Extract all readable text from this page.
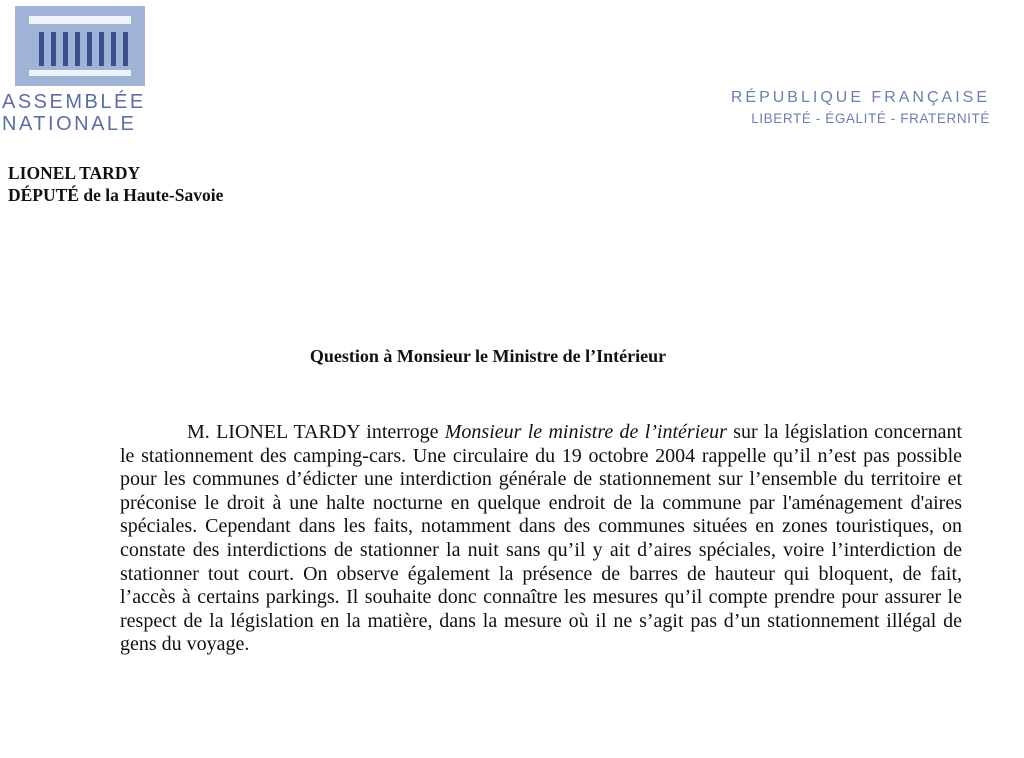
ASSEMBLÉE
NATIONALE
RÉPUBLIQUE FRANÇAISE
LIBERTÉ - ÉGALITÉ - FRATERNITÉ
LIONEL TARDY
DÉPUTÉ de la Haute-Savoie
Question à Monsieur le Ministre de l’Intérieur

M. LIONEL TARDY interroge Monsieur le ministre de l’intérieur sur la législation concernant le stationnement des camping-cars. Une circulaire du 19 octobre 2004 rappelle qu’il n’est pas possible pour les communes d’édicter une interdiction générale de stationnement sur l’ensemble du territoire et préconise le droit à une halte nocturne en quelque endroit de la commune par l'aménagement d'aires spéciales. Cependant dans les faits, notamment dans des communes situées en zones touristiques, on constate des interdictions de stationner la nuit sans qu’il y ait d’aires spéciales, voire l’interdiction de stationner tout court. On observe également la présence de barres de hauteur qui bloquent, de fait, l’accès à certains parkings. Il souhaite donc connaître les mesures qu’il compte prendre pour assurer le respect de la législation en la matière, dans la mesure où il ne s’agit pas d’un stationnement illégal de gens du voyage.
